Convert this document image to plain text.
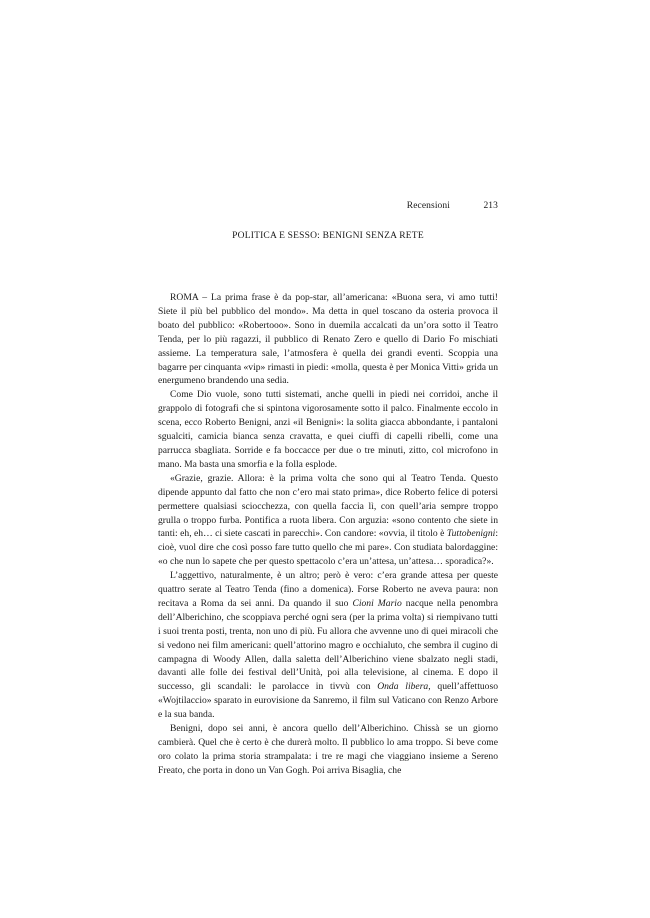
Recensioni	213
POLITICA E SESSO: BENIGNI SENZA RETE

ROMA – La prima frase è da pop-star, all’americana: «Buona sera, vi amo tutti! Siete il più bel pubblico del mondo». Ma detta in quel toscano da osteria provoca il boato del pubblico: «Robertooo». Sono in duemila accalcati da un’ora sotto il Teatro Tenda, per lo più ragazzi, il pubblico di Renato Zero e quello di Dario Fo mischiati assieme. La temperatura sale, l’atmosfera è quella dei grandi eventi. Scoppia una bagarre per cinquanta «vip» rimasti in piedi: «molla, questa è per Monica Vitti» grida un energumeno brandendo una sedia.

Come Dio vuole, sono tutti sistemati, anche quelli in piedi nei corridoi, anche il grappolo di fotografi che si spintona vigorosamente sotto il palco. Finalmente eccolo in scena, ecco Roberto Benigni, anzi «il Benigni»: la solita giacca abbondante, i pantaloni sgualciti, camicia bianca senza cravatta, e quei ciuffi di capelli ribelli, come una parrucca sbagliata. Sorride e fa boccacce per due o tre minuti, zitto, col microfono in mano. Ma basta una smorfia e la folla esplode.

«Grazie, grazie. Allora: è la prima volta che sono qui al Teatro Tenda. Questo dipende appunto dal fatto che non c’ero mai stato prima», dice Roberto felice di potersi permettere qualsiasi sciocchezza, con quella faccia lì, con quell’aria sempre troppo grulla o troppo furba. Pontifica a ruota libera. Con arguzia: «sono contento che siete in tanti: eh, eh… ci siete cascati in parecchi». Con candore: «ovvia, il titolo è Tuttobenigni: cioè, vuol dire che così posso fare tutto quello che mi pare». Con studiata balordaggine: «o che nun lo sapete che per questo spettacolo c’era un’attesa, un’attesa… sporadica?».

L’aggettivo, naturalmente, è un altro; però è vero: c’era grande attesa per queste quattro serate al Teatro Tenda (fino a domenica). Forse Roberto ne aveva paura: non recitava a Roma da sei anni. Da quando il suo Cioni Mario nacque nella penombra dell’Alberichino, che scoppiava perché ogni sera (per la prima volta) si riempivano tutti i suoi trenta posti, trenta, non uno di più. Fu allora che avvenne uno di quei miracoli che si vedono nei film americani: quell’attorino magro e occhialuto, che sembra il cugino di campagna di Woody Allen, dalla saletta dell’Alberichino viene sbalzato negli stadi, davanti alle folle dei festival dell’Unità, poi alla televisione, al cinema. E dopo il successo, gli scandali: le parolacce in tivvù con Onda libera, quell’affettuoso «Wojtilaccio» sparato in eurovisione da Sanremo, il film sul Vaticano con Renzo Arbore e la sua banda.

Benigni, dopo sei anni, è ancora quello dell’Alberichino. Chissà se un giorno cambierà. Quel che è certo è che durerà molto. Il pubblico lo ama troppo. Si beve come oro colato la prima storia strampalata: i tre re magi che viaggiano insieme a Sereno Freato, che porta in dono un Van Gogh. Poi arriva Bisaglia, che
